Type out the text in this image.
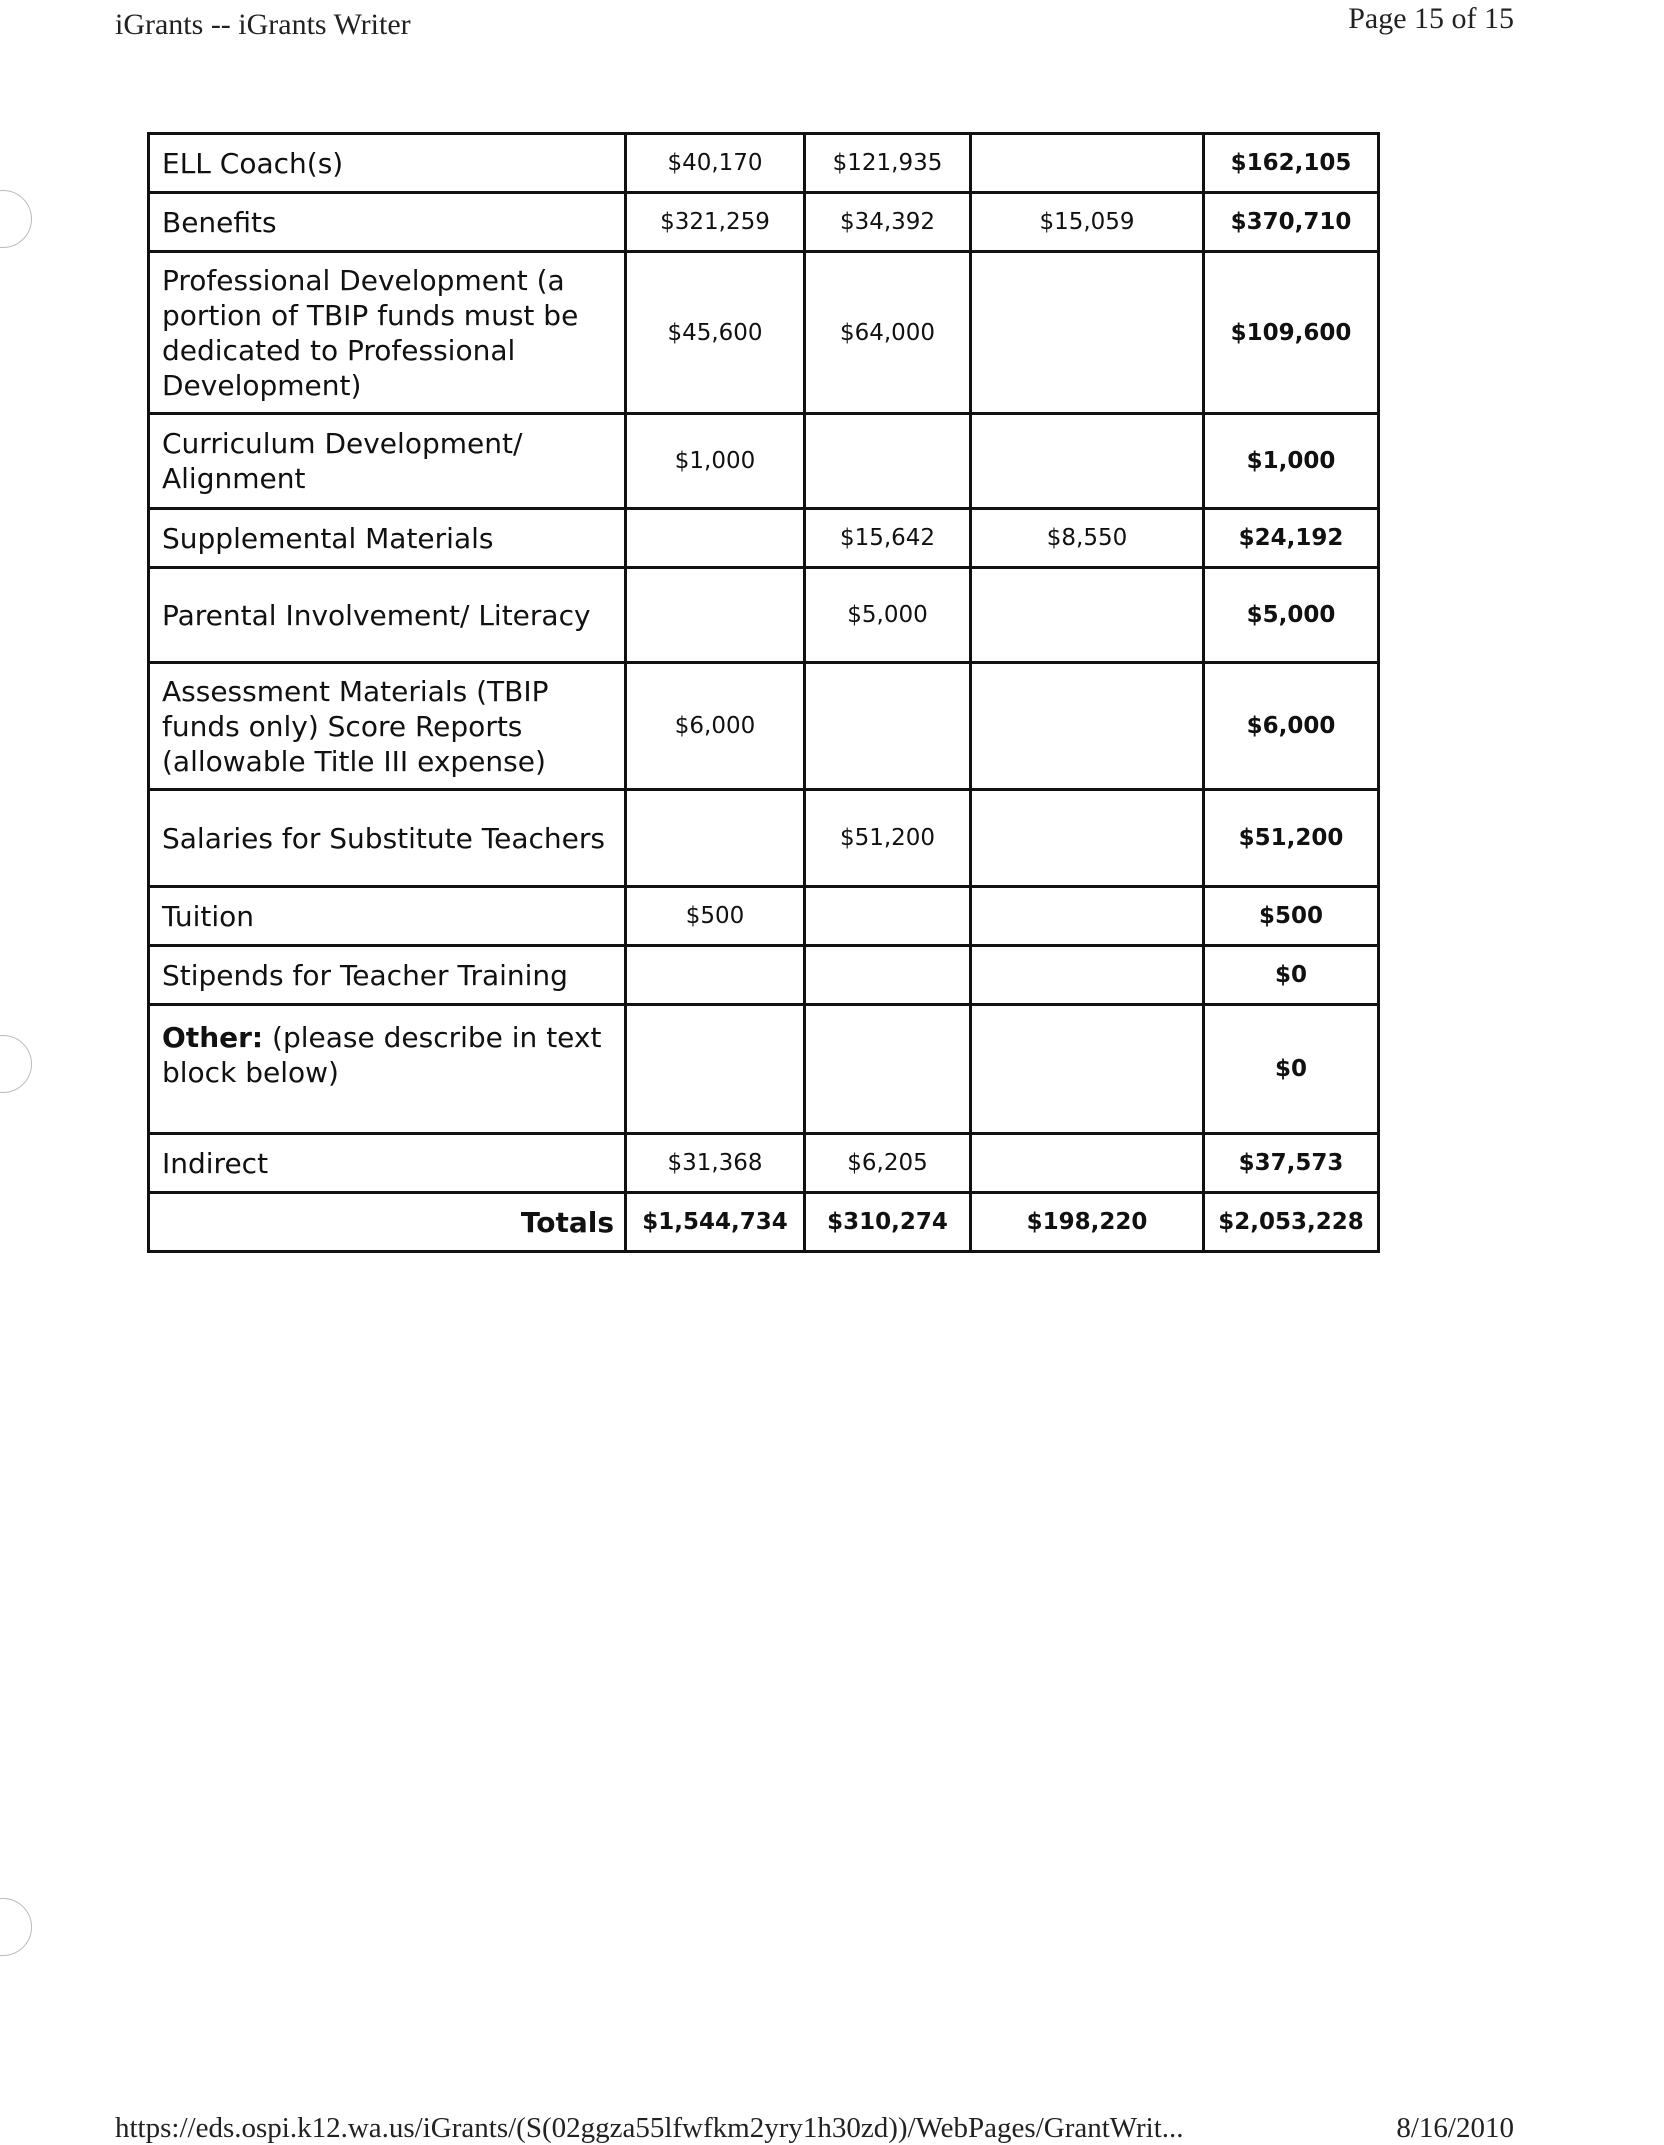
iGrants -- iGrants Writer	Page 15 of 15
ELL Coach(s)	$40,170	$121,935		$162,105
Benefits	$321,259	$34,392	$15,059	$370,710
Professional Development (a portion of TBIP funds must be dedicated to Professional Development)	$45,600	$64,000		$109,600
Curriculum Development/ Alignment	$1,000			$1,000
Supplemental Materials		$15,642	$8,550	$24,192
Parental Involvement/ Literacy		$5,000		$5,000
Assessment Materials (TBIP funds only) Score Reports (allowable Title III expense)	$6,000			$6,000
Salaries for Substitute Teachers		$51,200		$51,200
Tuition	$500			$500
Stipends for Teacher Training				$0
Other: (please describe in text block below)				$0
Indirect	$31,368	$6,205		$37,573
Totals	$1,544,734	$310,274	$198,220	$2,053,228
https://eds.ospi.k12.wa.us/iGrants/(S(02ggza55lfwfkm2yry1h30zd))/WebPages/GrantWrit...	8/16/2010
